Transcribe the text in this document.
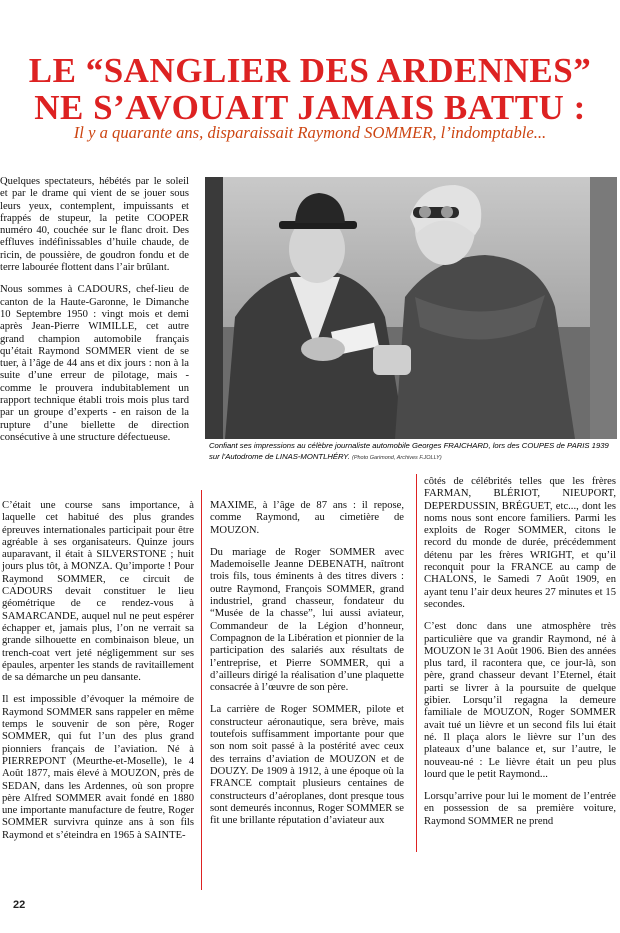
LE “SANGLIER DES ARDENNES”
NE S’AVOUAIT JAMAIS BATTU :
Il y a quarante ans, disparaissait Raymond SOMMER, l’indomptable...

Quelques spectateurs, hébétés par le soleil et par le drame qui vient de se jouer sous leurs yeux, contemplent, impuissants et frappés de stupeur, la petite COOPER numéro 40, couchée sur le flanc droit. Des effluves indéfinissables d’huile chaude, de ricin, de poussière, de goudron fondu et de terre labourée flottent dans l’air brûlant.

Nous sommes à CADOURS, chef-lieu de canton de la Haute-Garonne, le Dimanche 10 Septembre 1950 : vingt mois et demi après Jean-Pierre WIMILLE, cet autre grand champion automobile français qu’était Raymond SOMMER vient de se tuer, à l’âge de 44 ans et dix jours : non à la suite d’une erreur de pilotage, mais - comme le prouvera indubitablement un rapport technique établi trois mois plus tard par un groupe d’experts - en raison de la rupture d’une biellette de direction consécutive à une structure défectueuse.

Confiant ses impressions au célèbre journaliste automobile Georges FRAICHARD, lors des COUPES de PARIS 1939 sur l’Autodrome de LINAS-MONTLHÉRY. (Photo Garimond, Archives F.JOLLY)

C’était une course sans importance, à laquelle cet habitué des plus grandes épreuves internationales participait pour être agréable à ses organisateurs. Quinze jours auparavant, il était à SILVERSTONE ; huit jours plus tôt, à MONZA. Qu’importe ! Pour Raymond SOMMER, ce circuit de CADOURS devait constituer le lieu géométrique de ce rendez-vous à SAMARCANDE, auquel nul ne peut espérer échapper et, jamais plus, l’on ne verrait sa grande silhouette en combinaison bleue, un trench-coat vert jeté négligemment sur ses épaules, arpenter les stands de ravitaillement de sa démarche un peu dansante.

Il est impossible d’évoquer la mémoire de Raymond SOMMER sans rappeler en même temps le souvenir de son père, Roger SOMMER, qui fut l’un des plus grand pionniers français de l’aviation. Né à PIERREPONT (Meurthe-et-Moselle), le 4 Août 1877, mais élevé à MOUZON, près de SEDAN, dans les Ardennes, où son propre père Alfred SOMMER avait fondé en 1880 une importante manufacture de feutre, Roger SOMMER survivra quinze ans à son fils Raymond et s’éteindra en 1965 à SAINTE-

MAXIME, à l’âge de 87 ans : il repose, comme Raymond, au cimetière de MOUZON.

Du mariage de Roger SOMMER avec Mademoiselle Jeanne DEBENATH, naîtront trois fils, tous éminents à des titres divers : outre Raymond, François SOMMER, grand industriel, grand chasseur, fondateur du “Musée de la chasse”, lui aussi aviateur, Commandeur de la Légion d’honneur, Compagnon de la Libération et pionnier de la participation des salariés aux résultats de l’entreprise, et Pierre SOMMER, qui a d’ailleurs dirigé la réalisation d’une plaquette consacrée à l’œuvre de son père.

La carrière de Roger SOMMER, pilote et constructeur aéronautique, sera brève, mais toutefois suffisamment importante pour que son nom soit passé à la postérité avec ceux des terrains d’aviation de MOUZON et de DOUZY. De 1909 à 1912, à une époque où la FRANCE comptait plusieurs centaines de constructeurs d’aéroplanes, dont presque tous sont demeurés inconnus, Roger SOMMER se fit une brillante réputation d’aviateur aux

côtés de célébrités telles que les frères FARMAN, BLÉRIOT, NIEUPORT, DEPERDUSSIN, BRÉGUET, etc..., dont les noms nous sont encore familiers. Parmi les exploits de Roger SOMMER, citons le record du monde de durée, précédemment détenu par les frères WRIGHT, et qu’il reconquit pour la FRANCE au camp de CHALONS, le Samedi 7 Août 1909, en ayant tenu l’air deux heures 27 minutes et 15 secondes.

C’est donc dans une atmosphère très particulière que va grandir Raymond, né à MOUZON le 31 Août 1906. Bien des années plus tard, il racontera que, ce jour-là, son père, grand chasseur devant l’Eternel, était parti se livrer à la poursuite de quelque gibier. Lorsqu’il regagna la demeure familiale de MOUZON, Roger SOMMER avait tué un lièvre et un second fils lui était né. Il plaça alors le lièvre sur l’un des plateaux d’une balance et, sur l’autre, le nouveau-né : Le lièvre était un peu plus lourd que le petit Raymond...

Lorsqu’arrive pour lui le moment de l’entrée en possession de sa première voiture, Raymond SOMMER ne prend

22
